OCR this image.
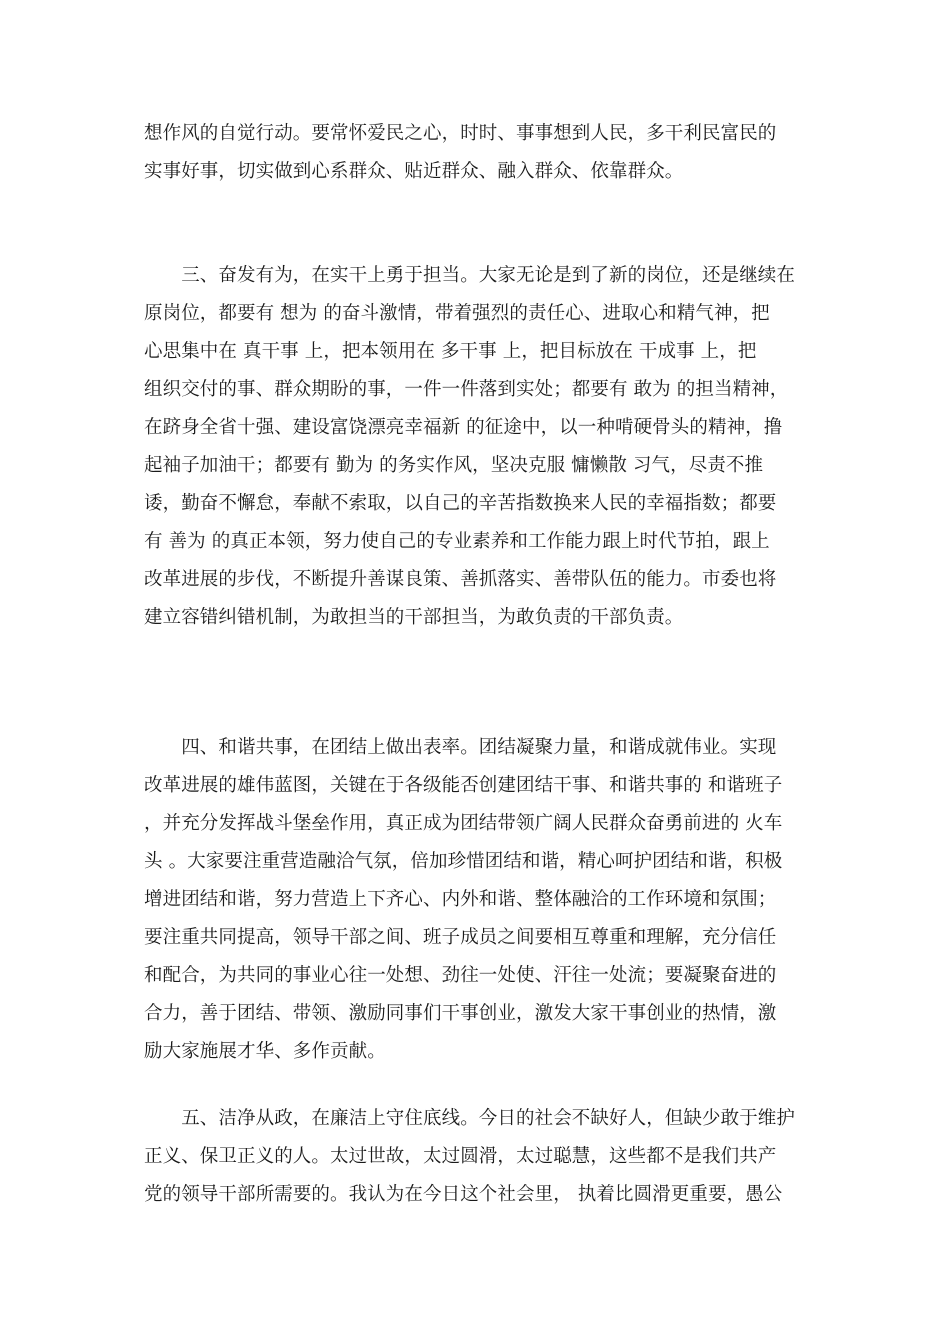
想作风的自觉行动。要常怀爱民之心，时时、事事想到人民，多干利民富民的
实事好事，切实做到心系群众、贴近群众、融入群众、依靠群众。
　　三、奋发有为，在实干上勇于担当。大家无论是到了新的岗位，还是继续在
原岗位，都要有 想为 的奋斗激情，带着强烈的责任心、进取心和精气神，把
心思集中在 真干事 上，把本领用在 多干事 上，把目标放在 干成事 上，把
组织交付的事、群众期盼的事，一件一件落到实处；都要有 敢为 的担当精神，
在跻身全省十强、建设富饶漂亮幸福新 的征途中，以一种啃硬骨头的精神，撸
起袖子加油干；都要有 勤为 的务实作风，坚决克服 慵懒散 习气，尽责不推
诿，勤奋不懈怠，奉献不索取，以自己的辛苦指数换来人民的幸福指数；都要
有 善为 的真正本领，努力使自己的专业素养和工作能力跟上时代节拍，跟上
改革进展的步伐，不断提升善谋良策、善抓落实、善带队伍的能力。市委也将
建立容错纠错机制，为敢担当的干部担当，为敢负责的干部负责。
　　四、和谐共事，在团结上做出表率。团结凝聚力量，和谐成就伟业。实现
改革进展的雄伟蓝图，关键在于各级能否创建团结干事、和谐共事的 和谐班子
，并充分发挥战斗堡垒作用，真正成为团结带领广阔人民群众奋勇前进的 火车
头 。大家要注重营造融洽气氛，倍加珍惜团结和谐，精心呵护团结和谐，积极
增进团结和谐，努力营造上下齐心、内外和谐、整体融洽的工作环境和氛围；
要注重共同提高，领导干部之间、班子成员之间要相互尊重和理解，充分信任
和配合，为共同的事业心往一处想、劲往一处使、汗往一处流；要凝聚奋进的
合力，善于团结、带领、激励同事们干事创业，激发大家干事创业的热情，激
励大家施展才华、多作贡献。
　　五、洁净从政，在廉洁上守住底线。今日的社会不缺好人，但缺少敢于维护
正义、保卫正义的人。太过世故，太过圆滑，太过聪慧，这些都不是我们共产
党的领导干部所需要的。我认为在今日这个社会里， 执着比圆滑更重要，愚公
